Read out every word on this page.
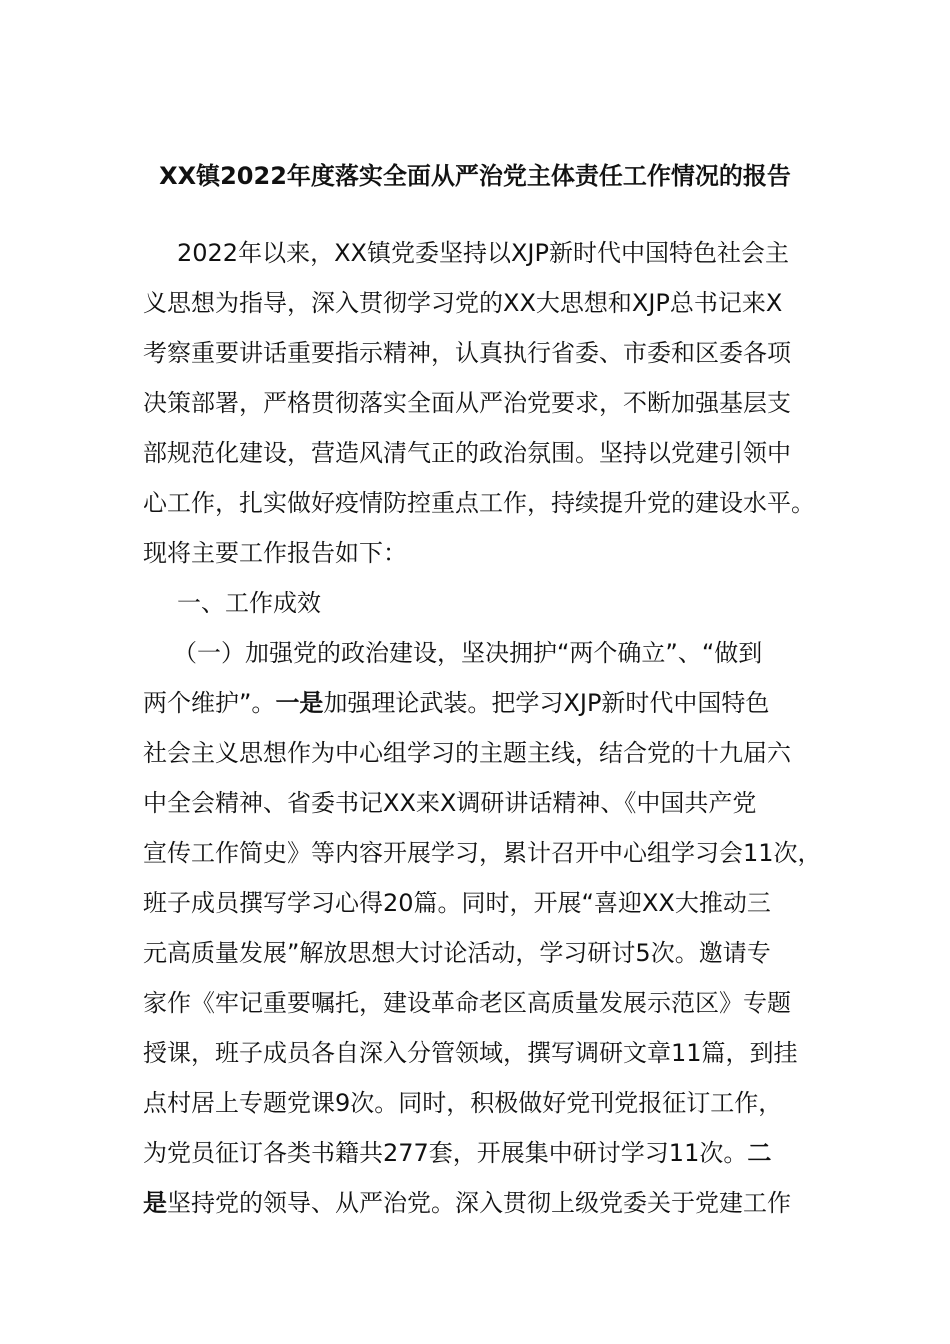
XX镇2022年度落实全面从严治党主体责任工作情况的报告
2022年以来，XX镇党委坚持以XJP新时代中国特色社会主
义思想为指导，深入贯彻学习党的XX大思想和XJP总书记来X
考察重要讲话重要指示精神，认真执行省委、市委和区委各项
决策部署，严格贯彻落实全面从严治党要求，不断加强基层支
部规范化建设，营造风清气正的政治氛围。坚持以党建引领中
心工作，扎实做好疫情防控重点工作，持续提升党的建设水平。
现将主要工作报告如下：
一、工作成效
（一）加强党的政治建设，坚决拥护“两个确立”、“做到
两个维护”。一是加强理论武装。把学习XJP新时代中国特色
社会主义思想作为中心组学习的主题主线，结合党的十九届六
中全会精神、省委书记XX来X调研讲话精神、《中国共产党
宣传工作简史》等内容开展学习，累计召开中心组学习会11次，
班子成员撰写学习心得20篇。同时，开展“喜迎XX大推动三
元高质量发展”解放思想大讨论活动，学习研讨5次。邀请专
家作《牢记重要嘱托，建设革命老区高质量发展示范区》专题
授课，班子成员各自深入分管领域，撰写调研文章11篇，到挂
点村居上专题党课9次。同时，积极做好党刊党报征订工作，
为党员征订各类书籍共277套，开展集中研讨学习11次。二
是坚持党的领导、从严治党。深入贯彻上级党委关于党建工作
